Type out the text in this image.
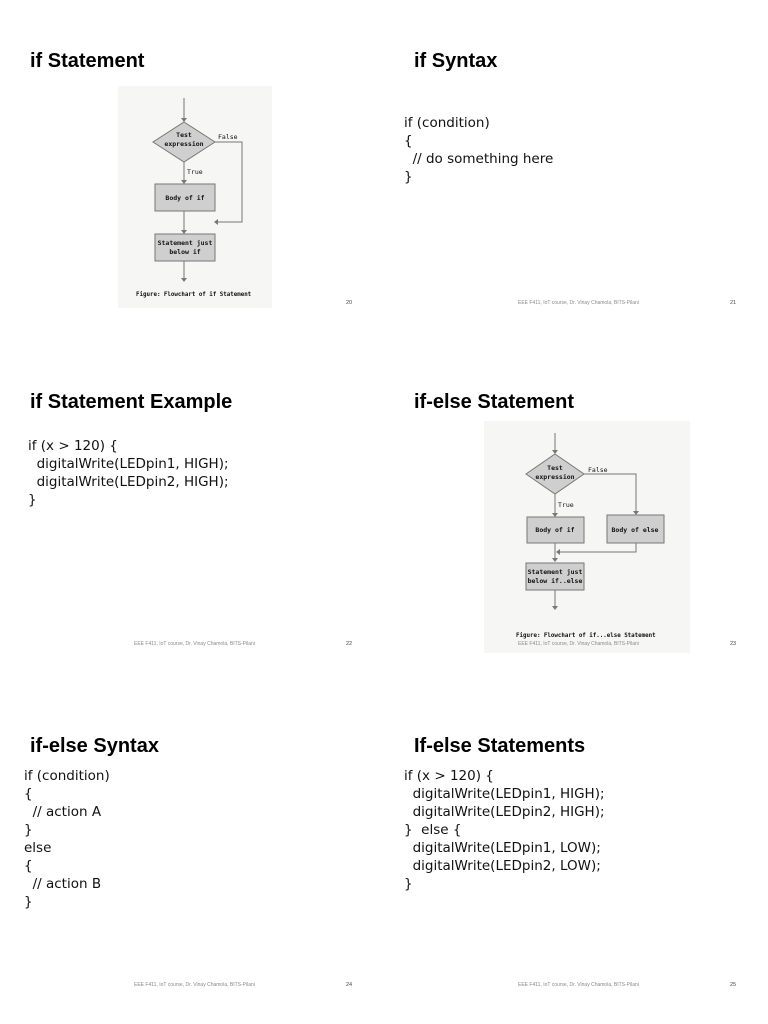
if Statement
20
Test
expression
False
True
Body of if
Statement just
below if
Figure: Flowchart of if Statement
if Syntax
if (condition)
{
// do something here
}
EEE F411, IoT course, Dr. Vinay Chamola, BITS-Pilani	21
if Statement Example
if (x > 120) {
digitalWrite(LEDpin1, HIGH);
digitalWrite(LEDpin2, HIGH);
}
EEE F411, IoT course, Dr. Vinay Chamola, BITS-Pilani	22
if-else Statement
Test
expression
False
True
Body of if	Body of else
Statement just
below if..else
Figure: Flowchart of if...else Statement
EEE F411, IoT course, Dr. Vinay Chamola, BITS-Pilani	23
if-else Syntax
if (condition)
{
// action A
}
else
{
// action B
}
EEE F411, IoT course, Dr. Vinay Chamola, BITS-Pilani	24
If-else Statements
if (x > 120) {
digitalWrite(LEDpin1, HIGH);
digitalWrite(LEDpin2, HIGH);
}  else {
digitalWrite(LEDpin1, LOW);
digitalWrite(LEDpin2, LOW);
}
EEE F411, IoT course, Dr. Vinay Chamola, BITS-Pilani	25
